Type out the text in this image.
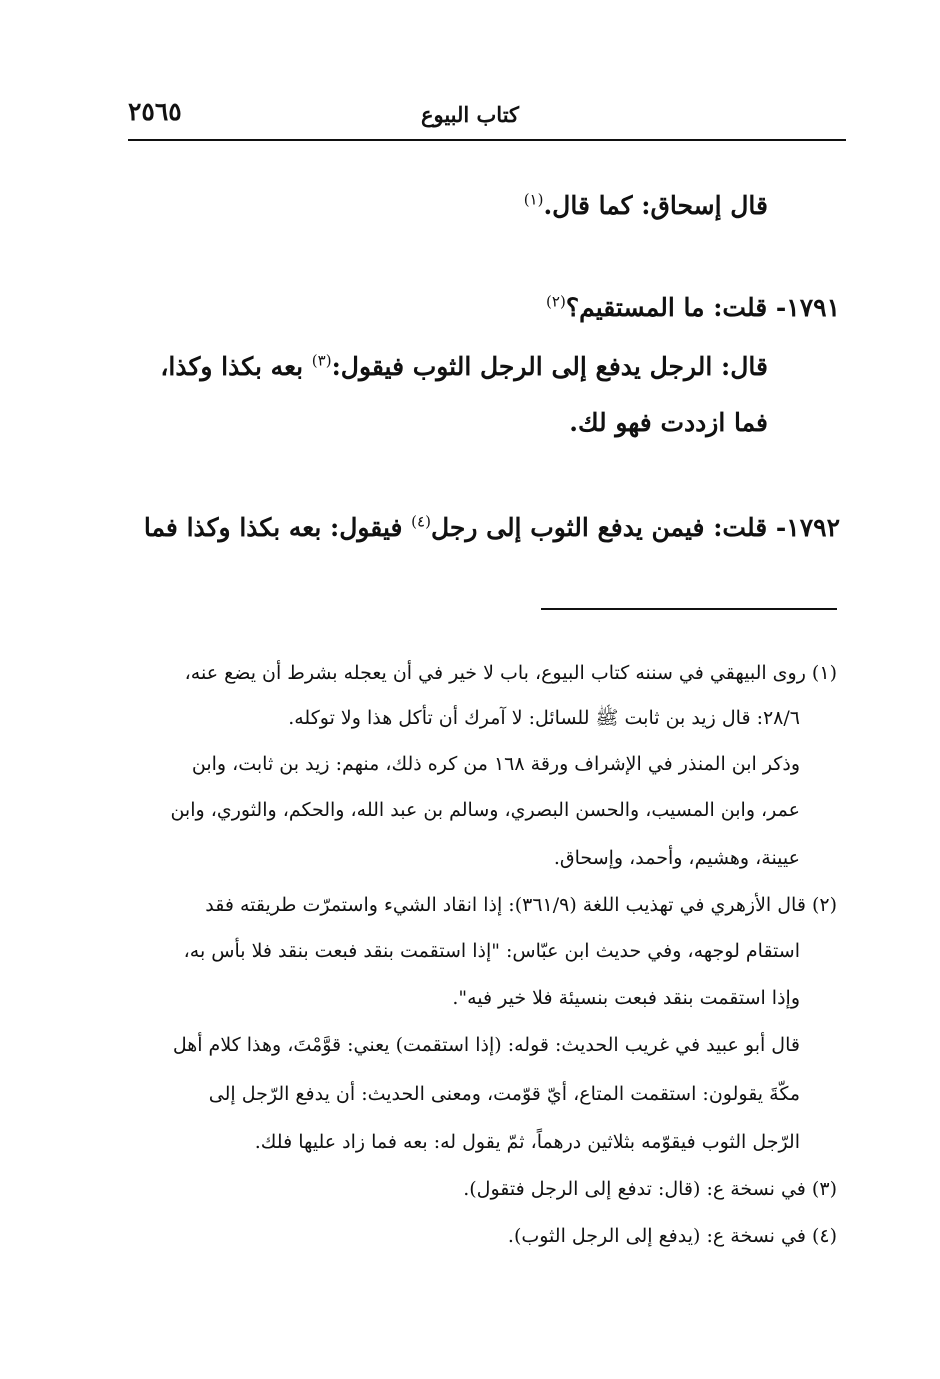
كتاب البيوع
٢٥٦٥
قال إسحاق: كما قال.$^{(١)}$
١٧٩١- قلت: ما المستقيم؟$^{(٢)}$
قال: الرجل يدفع إلى الرجل الثوب فيقول:$^{(٣)}$ بعه بكذا وكذا،
فما ازددت فهو لك.
١٧٩٢- قلت: فيمن يدفع الثوب إلى رجل$^{(٤)}$ فيقول: بعه بكذا وكذا فما
(١) روى البيهقي في سننه كتاب البيوع، باب لا خير في أن يعجله بشرط أن يضع عنه،
٢٨/٦: قال زيد بن ثابت ﷺ للسائل: لا آمرك أن تأكل هذا ولا توكله.
وذكر ابن المنذر في الإشراف ورقة ١٦٨ من كره ذلك، منهم: زيد بن ثابت، وابن
عمر، وابن المسيب، والحسن البصري، وسالم بن عبد الله، والحكم، والثوري، وابن
عيينة، وهشيم، وأحمد، وإسحاق.
(٢) قال الأزهري في تهذيب اللغة (٣٦١/٩): إذا انقاد الشيء واستمرّت طريقته فقد
استقام لوجهه، وفي حديث ابن عبّاس: "إذا استقمت بنقد فبعت بنقد فلا بأس به،
وإذا استقمت بنقد فبعت بنسيئة فلا خير فيه".
قال أبو عبيد في غريب الحديث: قوله: (إذا استقمت) يعني: قوَّمْتَ، وهذا كلام أهل
مكّةَ يقولون: استقمت المتاع، أيّ قوّمت، ومعنى الحديث: أن يدفع الرّجل إلى
الرّجل الثوب فيقوّمه بثلاثين درهماً، ثمّ يقول له: بعه فما زاد عليها فلك.
(٣) في نسخة ع: (قال: تدفع إلى الرجل فتقول).
(٤) في نسخة ع: (يدفع إلى الرجل الثوب).
